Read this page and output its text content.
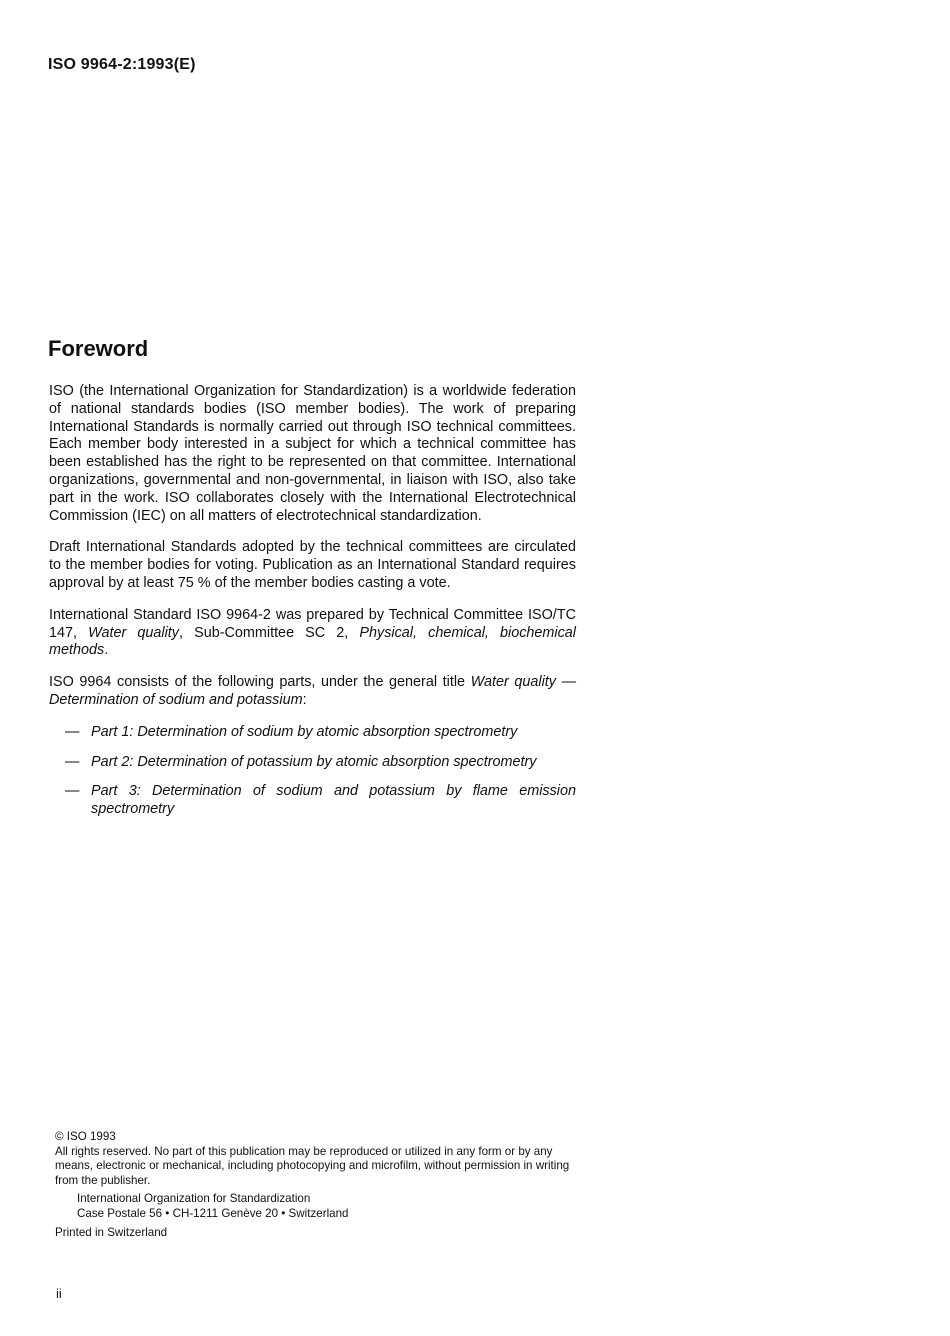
ISO 9964-2:1993(E)
Foreword

ISO (the International Organization for Standardization) is a worldwide federation of national standards bodies (ISO member bodies). The work of preparing International Standards is normally carried out through ISO technical committees. Each member body interested in a subject for which a technical committee has been established has the right to be represented on that committee. International organizations, governmental and non-governmental, in liaison with ISO, also take part in the work. ISO collaborates closely with the International Electrotechnical Commission (IEC) on all matters of electrotechnical standardization.

Draft International Standards adopted by the technical committees are circulated to the member bodies for voting. Publication as an International Standard requires approval by at least 75 % of the member bodies casting a vote.

International Standard ISO 9964-2 was prepared by Technical Committee ISO/TC 147, Water quality, Sub-Committee SC 2, Physical, chemical, biochemical methods.

ISO 9964 consists of the following parts, under the general title Water quality — Determination of sodium and potassium:

— Part 1: Determination of sodium by atomic absorption spectrometry
— Part 2: Determination of potassium by atomic absorption spectrometry
— Part 3: Determination of sodium and potassium by flame emission spectrometry

© ISO 1993

All rights reserved. No part of this publication may be reproduced or utilized in any form or by any means, electronic or mechanical, including photocopying and microfilm, without permission in writing from the publisher.

International Organization for Standardization

Case Postale 56 • CH-1211 Genève 20 • Switzerland

Printed in Switzerland

ii
